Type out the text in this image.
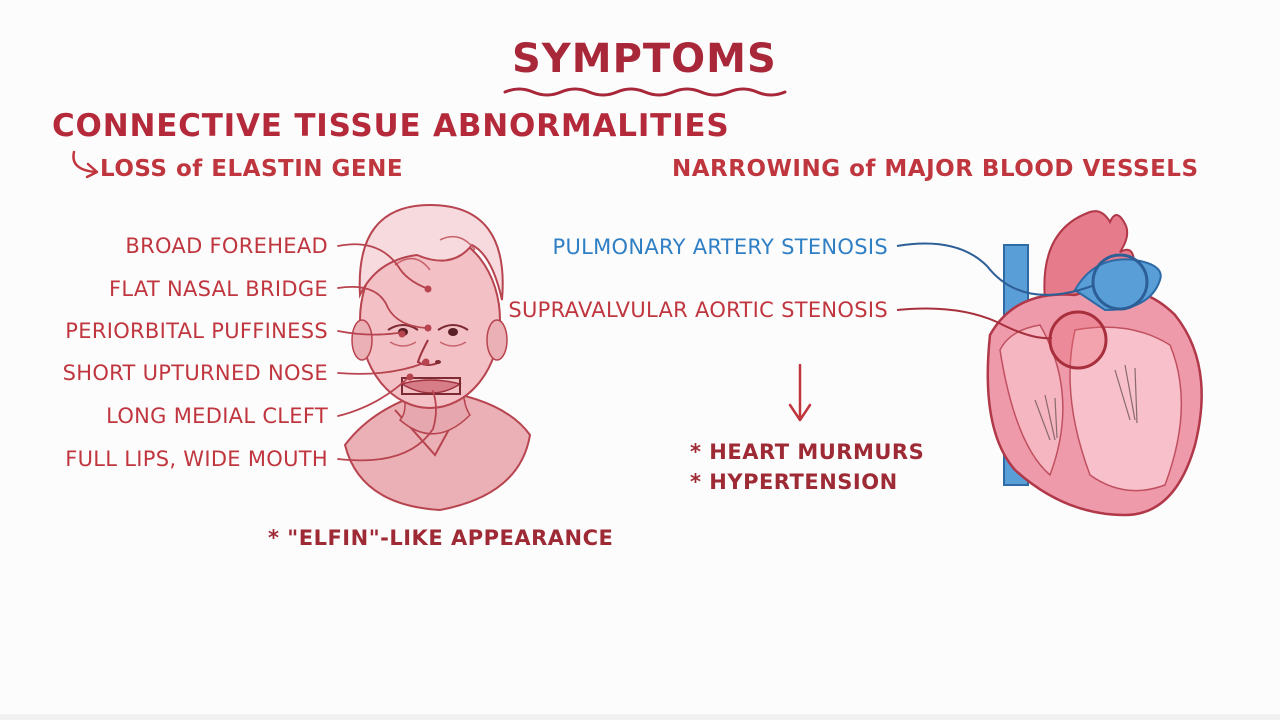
SYMPTOMS
CONNECTIVE TISSUE ABNORMALITIES
LOSS of ELASTIN GENE
BROAD FOREHEAD
FLAT NASAL BRIDGE
PERIORBITAL PUFFINESS
SHORT UPTURNED NOSE
LONG MEDIAL CLEFT
FULL LIPS, WIDE MOUTH
* "ELFIN"-LIKE APPEARANCE
NARROWING of MAJOR BLOOD VESSELS
PULMONARY ARTERY STENOSIS
SUPRAVALVULAR AORTIC STENOSIS
* HEART MURMURS
* HYPERTENSION
